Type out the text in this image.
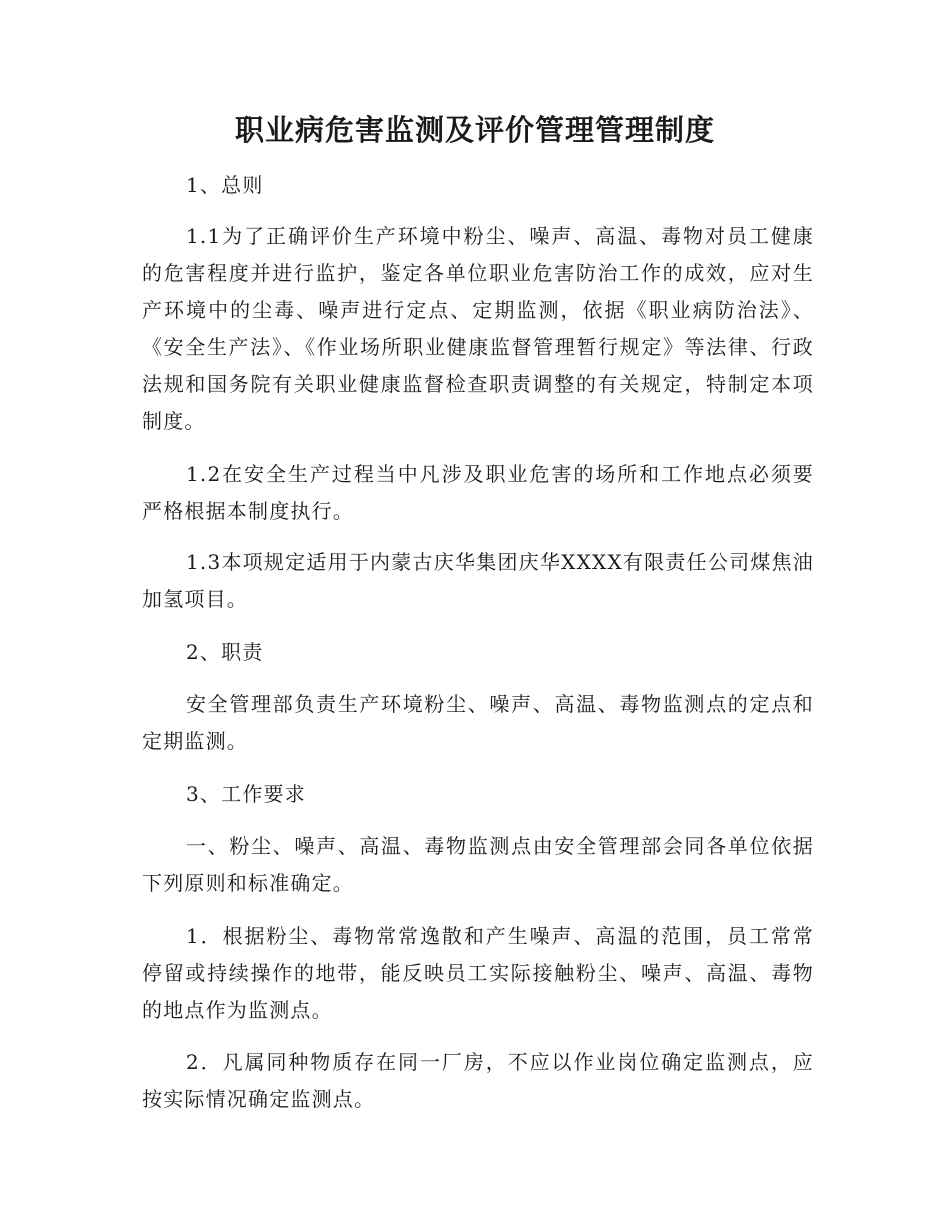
职业病危害监测及评价管理管理制度

1、总则

1.1为了正确评价生产环境中粉尘、噪声、高温、毒物对员工健康的危害程度并进行监护，鉴定各单位职业危害防治工作的成效，应对生产环境中的尘毒、噪声进行定点、定期监测，依据《职业病防治法》、《安全生产法》、《作业场所职业健康监督管理暂行规定》等法律、行政法规和国务院有关职业健康监督检查职责调整的有关规定，特制定本项制度。

1.2在安全生产过程当中凡涉及职业危害的场所和工作地点必须要严格根据本制度执行。

1.3本项规定适用于内蒙古庆华集团庆华XXXX有限责任公司煤焦油加氢项目。

2、职责

安全管理部负责生产环境粉尘、噪声、高温、毒物监测点的定点和定期监测。

3、工作要求

一、粉尘、噪声、高温、毒物监测点由安全管理部会同各单位依据下列原则和标准确定。

1．根据粉尘、毒物常常逸散和产生噪声、高温的范围，员工常常停留或持续操作的地带，能反映员工实际接触粉尘、噪声、高温、毒物的地点作为监测点。

2．凡属同种物质存在同一厂房，不应以作业岗位确定监测点，应按实际情况确定监测点。
